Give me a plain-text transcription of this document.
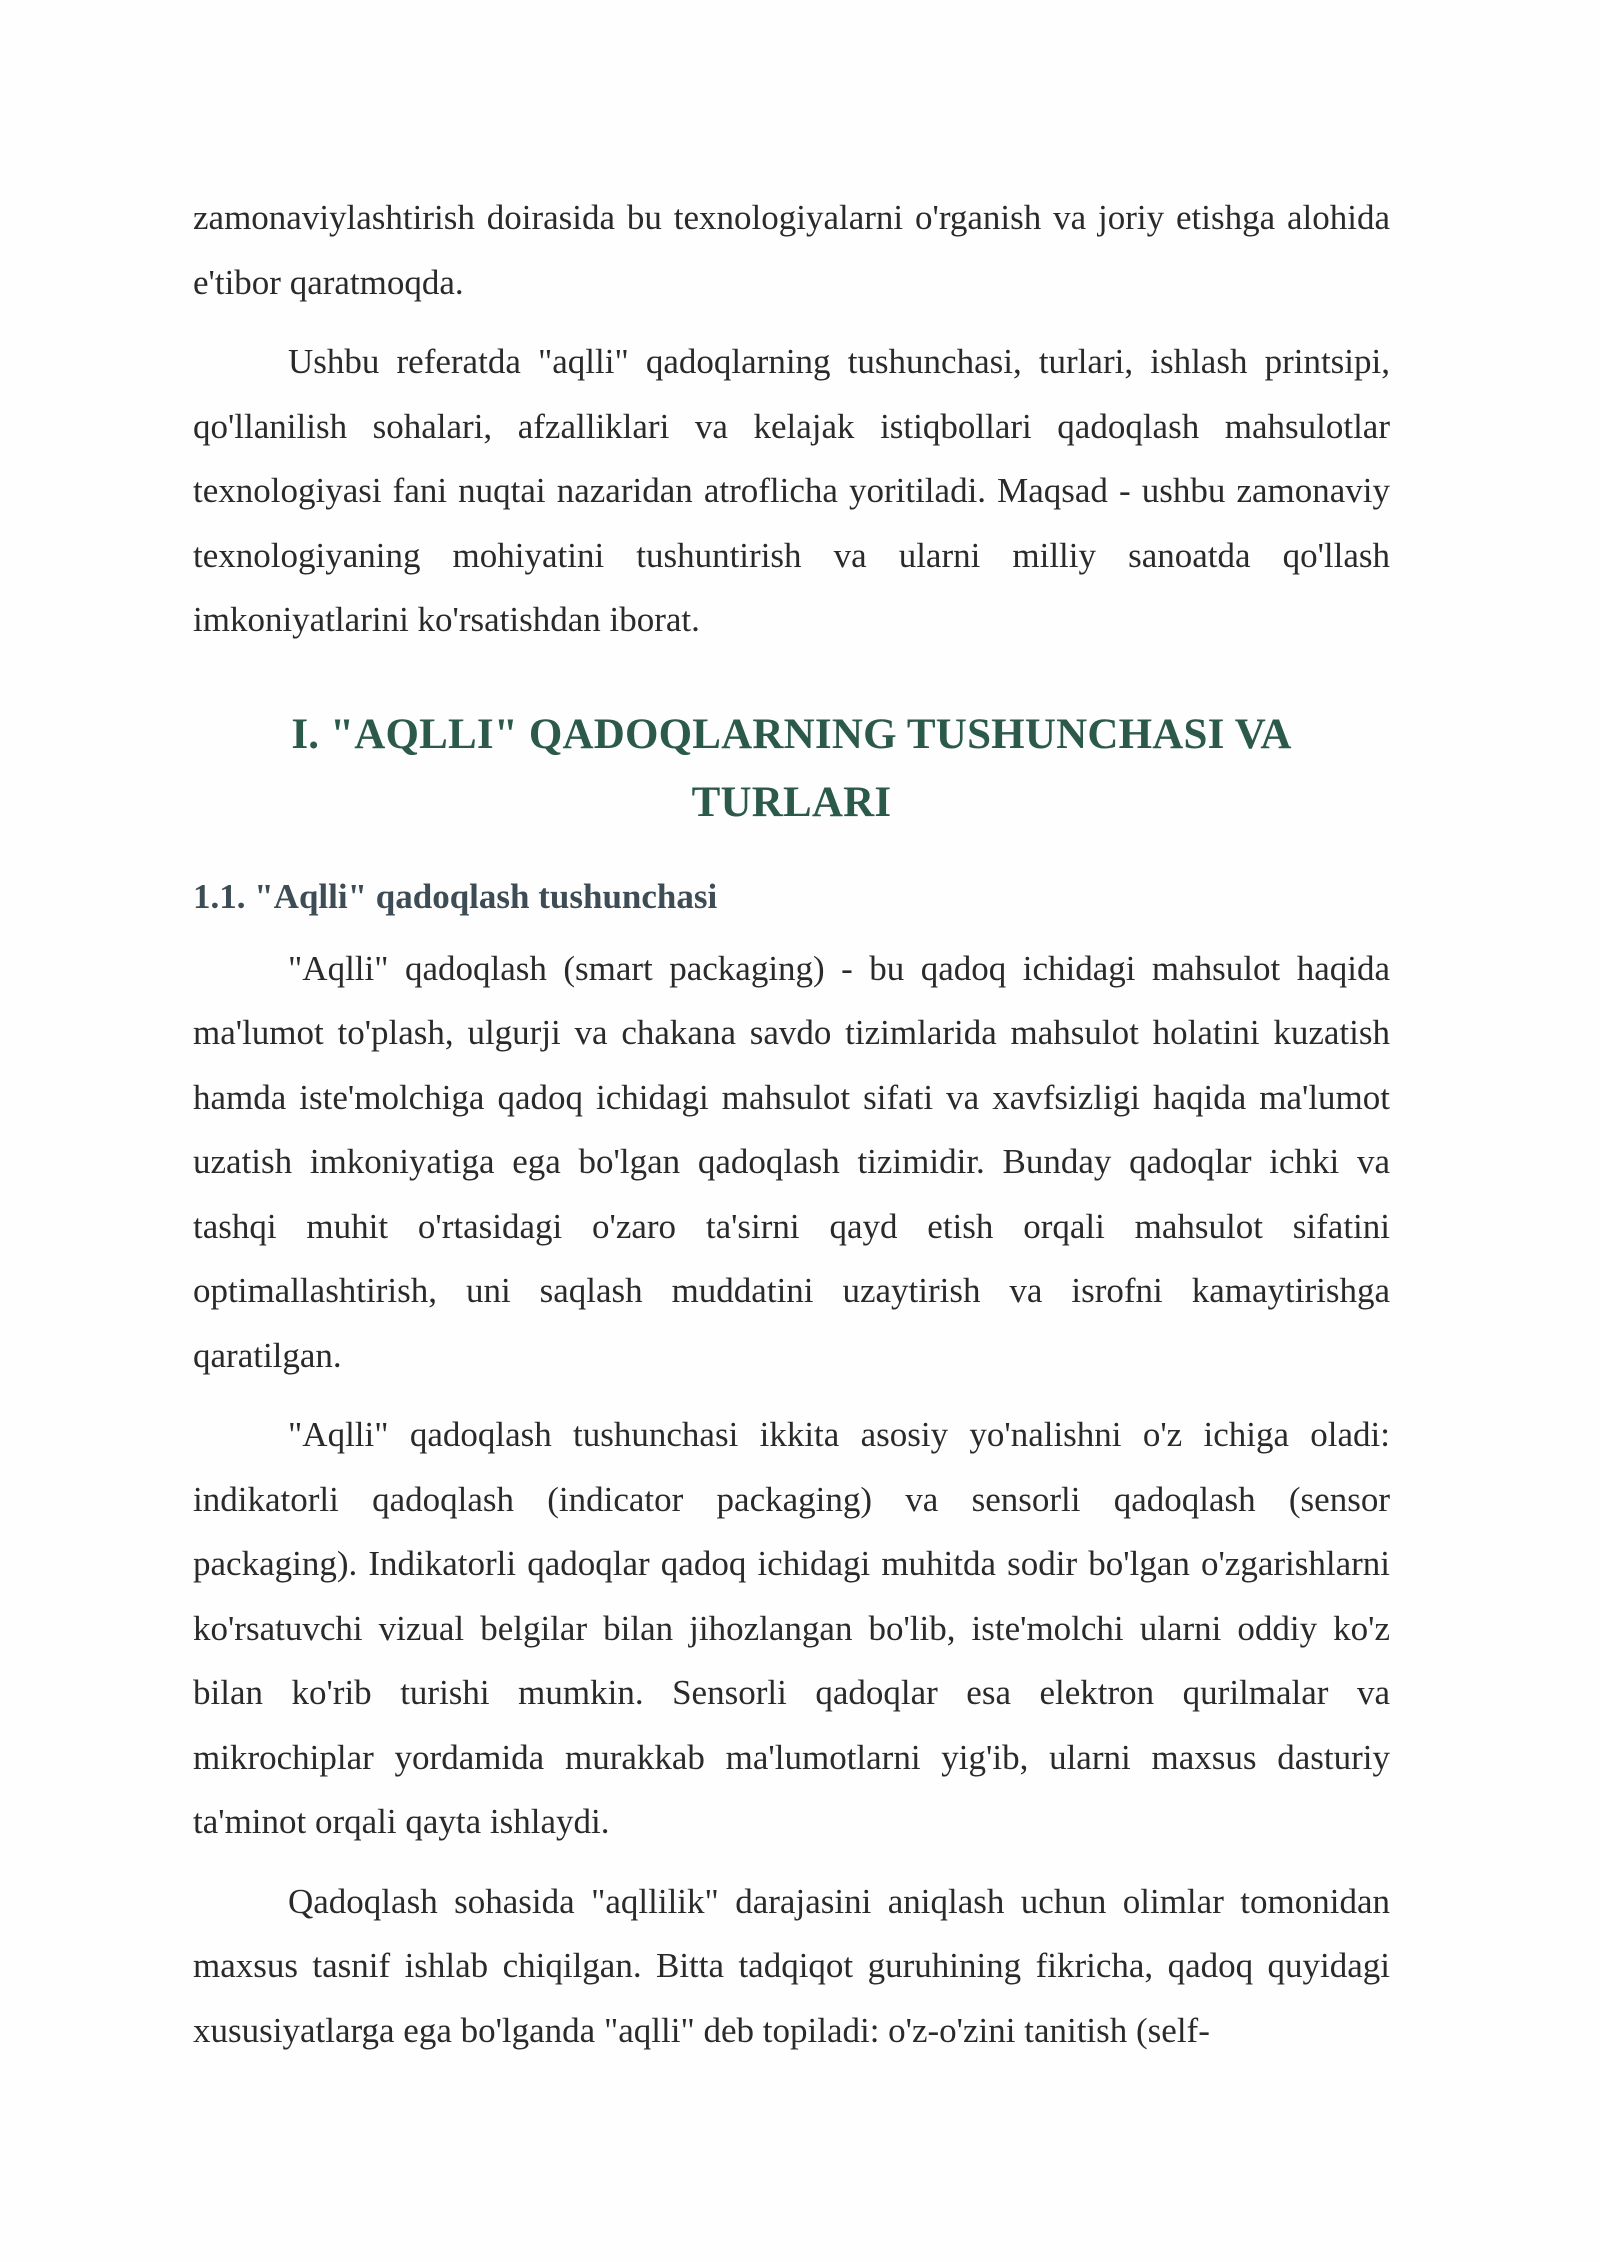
zamonaviylashtirish doirasida bu texnologiyalarni o'rganish va joriy etishga alohida e'tibor qaratmoqda.

Ushbu referatda "aqlli" qadoqlarning tushunchasi, turlari, ishlash printsipi, qo'llanilish sohalari, afzalliklari va kelajak istiqbollari qadoqlash mahsulotlar texnologiyasi fani nuqtai nazaridan atroflicha yoritiladi. Maqsad - ushbu zamonaviy texnologiyaning mohiyatini tushuntirish va ularni milliy sanoatda qo'llash imkoniyatlarini ko'rsatishdan iborat.

I. "AQLLI" QADOQLARNING TUSHUNCHASI VA TURLARI
1.1. "Aqlli" qadoqlash tushunchasi

"Aqlli" qadoqlash (smart packaging) - bu qadoq ichidagi mahsulot haqida ma'lumot to'plash, ulgurji va chakana savdo tizimlarida mahsulot holatini kuzatish hamda iste'molchiga qadoq ichidagi mahsulot sifati va xavfsizligi haqida ma'lumot uzatish imkoniyatiga ega bo'lgan qadoqlash tizimidir. Bunday qadoqlar ichki va tashqi muhit o'rtasidagi o'zaro ta'sirni qayd etish orqali mahsulot sifatini optimallashtirish, uni saqlash muddatini uzaytirish va isrofni kamaytirishga qaratilgan.

"Aqlli" qadoqlash tushunchasi ikkita asosiy yo'nalishni o'z ichiga oladi: indikatorli qadoqlash (indicator packaging) va sensorli qadoqlash (sensor packaging). Indikatorli qadoqlar qadoq ichidagi muhitda sodir bo'lgan o'zgarishlarni ko'rsatuvchi vizual belgilar bilan jihozlangan bo'lib, iste'molchi ularni oddiy ko'z bilan ko'rib turishi mumkin. Sensorli qadoqlar esa elektron qurilmalar va mikrochiplar yordamida murakkab ma'lumotlarni yig'ib, ularni maxsus dasturiy ta'minot orqali qayta ishlaydi.

Qadoqlash sohasida "aqllilik" darajasini aniqlash uchun olimlar tomonidan maxsus tasnif ishlab chiqilgan. Bitta tadqiqot guruhining fikricha, qadoq quyidagi xususiyatlarga ega bo'lganda "aqlli" deb topiladi: o'z-o'zini tanitish (self-
